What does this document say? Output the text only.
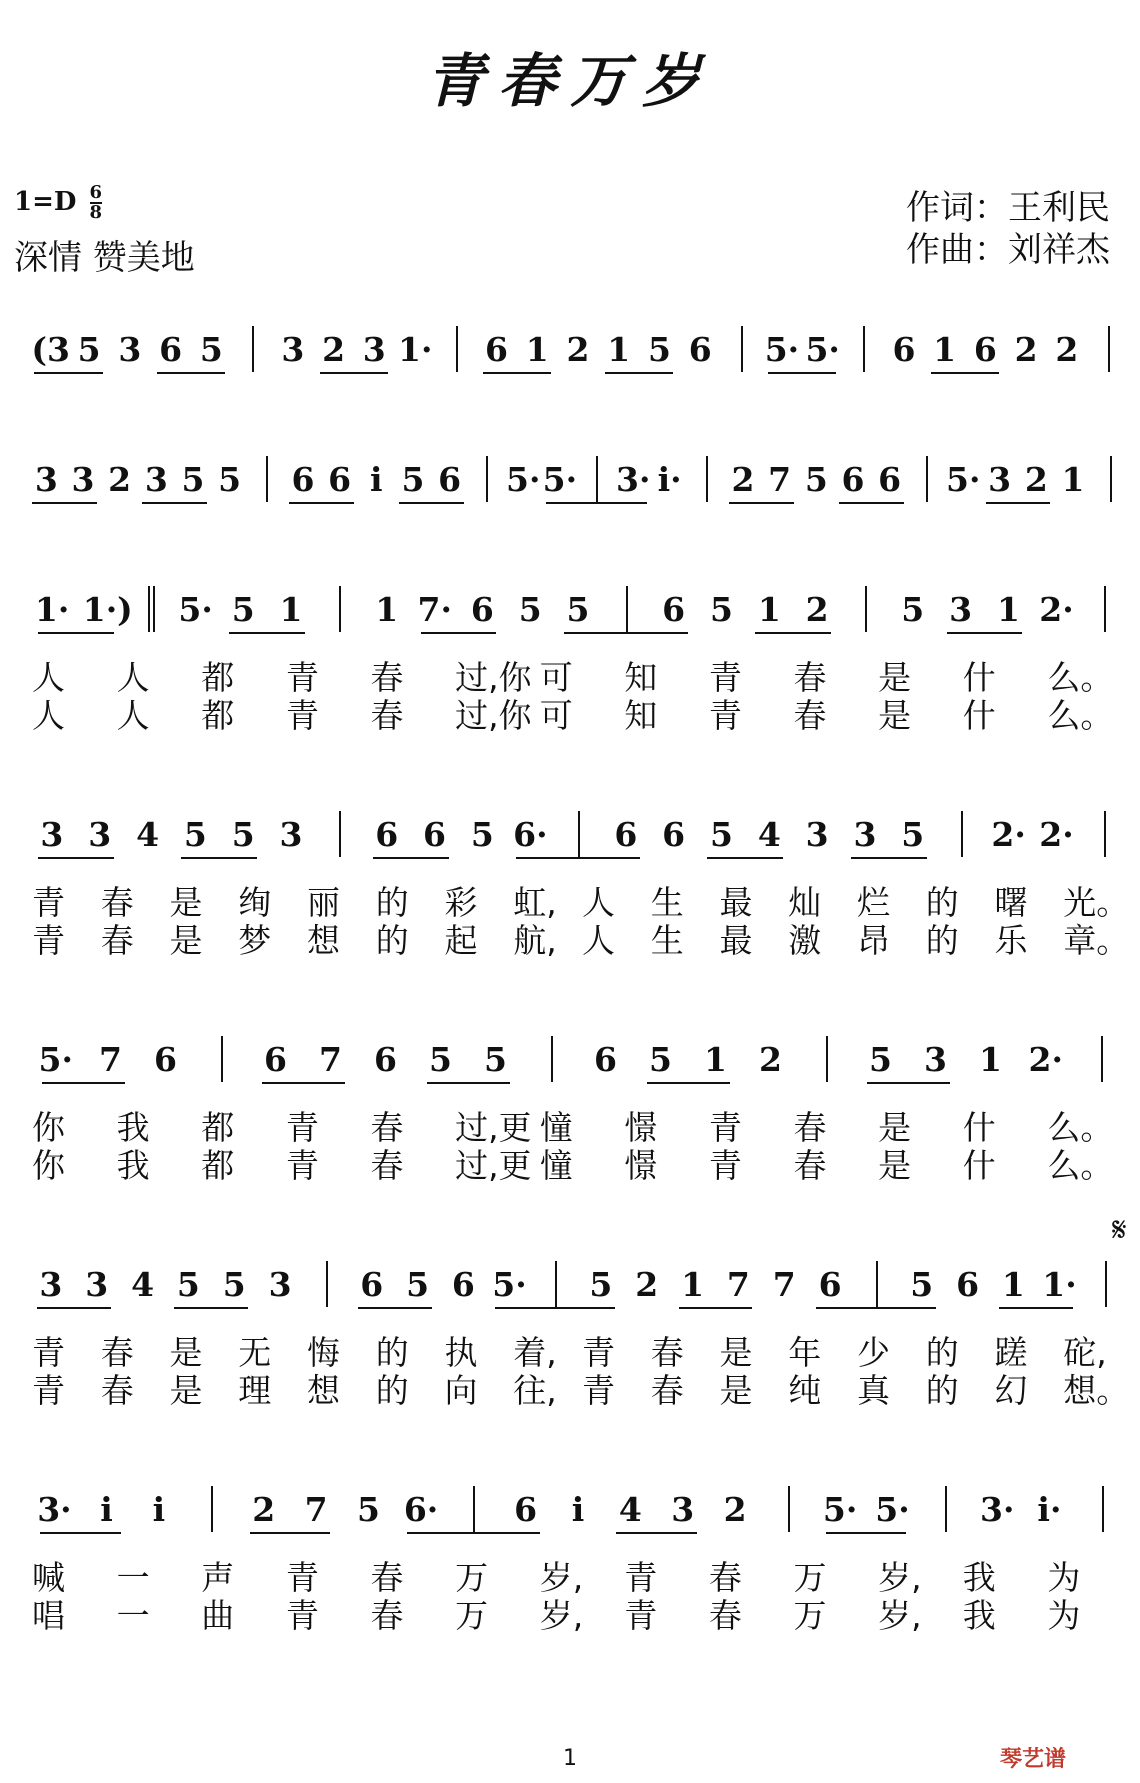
青春万岁
$1=D \frac{6}{8}$
深情 赞美地
作词：王利民
作曲：刘祥杰
(3 5 3 6 5 3 2 3 1· 6 1 2 1 5 6 5· 5· 6 1 6 2 2
3 3 2 3 5 5 6 6 i 5 6 5· 5· 3· i· 2 7 5 6 6 5· 3 2 1
1· 1·) 5· 5 1 1 7· 6 5 5 6 5 1 2 5 3 1 2·
人 人 都 青 春 过,你 可 知 青 春 是 什 么。
人 人 都 青 春 过,你 可 知 青 春 是 什 么。
3 3 4 5 5 3 6 6 5 6· 6 6 5 4 3 3 5 2· 2·
青 春 是 绚 丽 的 彩 虹, 人 生 最 灿 烂 的 曙 光。
青 春 是 梦 想 的 起 航, 人 生 最 激 昂 的 乐 章。
5· 7 6	6 7 6 5 5	6 5 1 2	5 3 1 2·
你 我 都 青 春 过,更 憧 憬 青 春 是 什 么。
你 我 都 青 春 过,更 憧 憬 青 春 是 什 么。
3 3 4 5 5 3 6 5 6 5· 5 2 1 7 7 6 5 6 1 1·
青 春 是 无 悔 的 执 着, 青 春 是 年 少 的 蹉 砣,
青 春 是 理 想 的 向 往, 青 春 是 纯 真 的 幻 想。
3· i	i	2 7 5 6· 6	i	4 3 2 5· 5· 3· i·
喊 一 声 青 春 万 岁, 青 春 万 岁, 我 为
唱 一 曲 青 春 万 岁, 青 春 万 岁, 我 为
𝄋
1	琴艺谱
